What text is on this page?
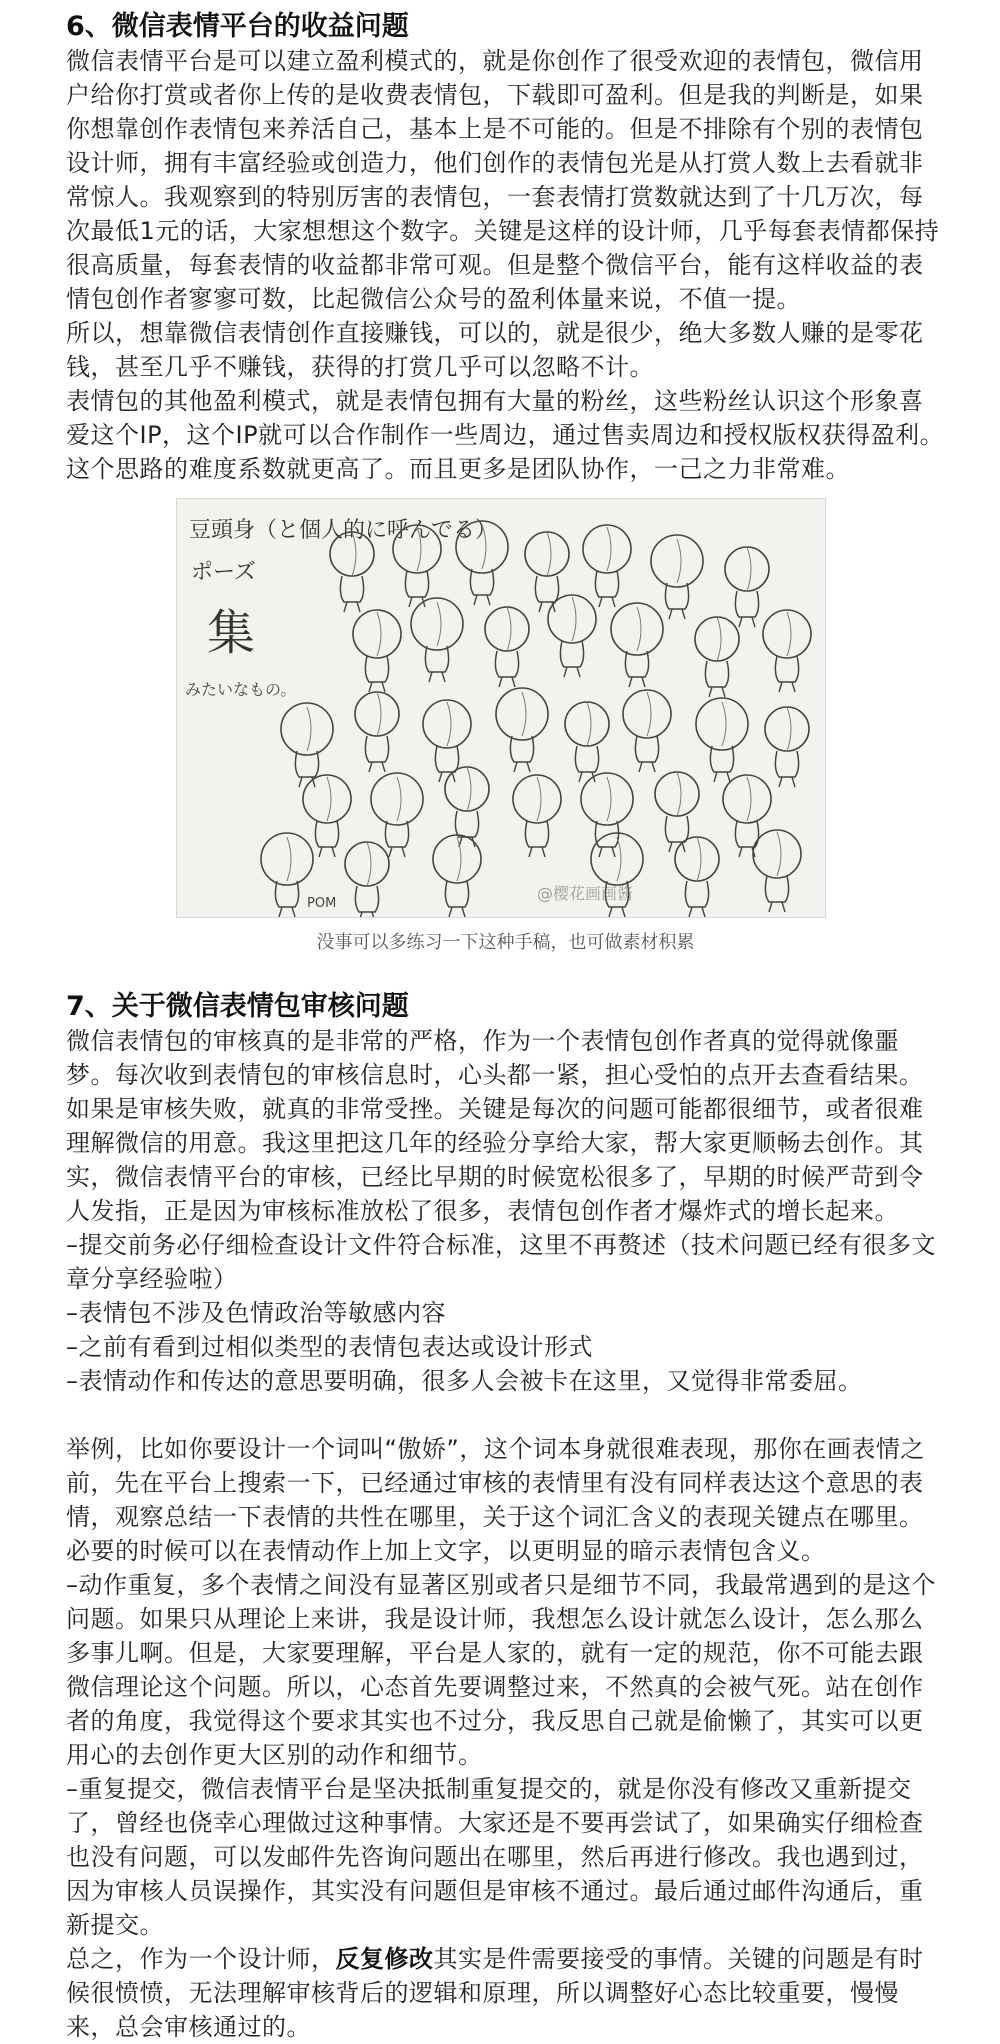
6、微信表情平台的收益问题

微信表情平台是可以建立盈利模式的，就是你创作了很受欢迎的表情包，微信用户给你打赏或者你上传的是收费表情包，下载即可盈利。但是我的判断是，如果你想靠创作表情包来养活自己，基本上是不可能的。但是不排除有个别的表情包设计师，拥有丰富经验或创造力，他们创作的表情包光是从打赏人数上去看就非常惊人。我观察到的特别厉害的表情包，一套表情打赏数就达到了十几万次，每次最低1元的话，大家想想这个数字。关键是这样的设计师，几乎每套表情都保持很高质量，每套表情的收益都非常可观。但是整个微信平台，能有这样收益的表情包创作者寥寥可数，比起微信公众号的盈利体量来说，不值一提。

所以，想靠微信表情创作直接赚钱，可以的，就是很少，绝大多数人赚的是零花钱，甚至几乎不赚钱，获得的打赏几乎可以忽略不计。

表情包的其他盈利模式，就是表情包拥有大量的粉丝，这些粉丝认识这个形象喜爱这个IP，这个IP就可以合作制作一些周边，通过售卖周边和授权版权获得盈利。这个思路的难度系数就更高了。而且更多是团队协作，一己之力非常难。

豆頭身（と個人的に呼んでる）
ポーズ
集
みたいなもの。
POM
@樱花画画酱
没事可以多练习一下这种手稿，也可做素材积累
7、关于微信表情包审核问题

微信表情包的审核真的是非常的严格，作为一个表情包创作者真的觉得就像噩梦。每次收到表情包的审核信息时，心头都一紧，担心受怕的点开去查看结果。如果是审核失败，就真的非常受挫。关键是每次的问题可能都很细节，或者很难理解微信的用意。我这里把这几年的经验分享给大家，帮大家更顺畅去创作。其实，微信表情平台的审核，已经比早期的时候宽松很多了，早期的时候严苛到令人发指，正是因为审核标准放松了很多，表情包创作者才爆炸式的增长起来。

–提交前务必仔细检查设计文件符合标准，这里不再赘述（技术问题已经有很多文章分享经验啦）

–表情包不涉及色情政治等敏感内容

–之前有看到过相似类型的表情包表达或设计形式

–表情动作和传达的意思要明确，很多人会被卡在这里，又觉得非常委屈。

举例，比如你要设计一个词叫“傲娇”，这个词本身就很难表现，那你在画表情之前，先在平台上搜索一下，已经通过审核的表情里有没有同样表达这个意思的表情，观察总结一下表情的共性在哪里，关于这个词汇含义的表现关键点在哪里。必要的时候可以在表情动作上加上文字，以更明显的暗示表情包含义。

–动作重复，多个表情之间没有显著区别或者只是细节不同，我最常遇到的是这个问题。如果只从理论上来讲，我是设计师，我想怎么设计就怎么设计，怎么那么多事儿啊。但是，大家要理解，平台是人家的，就有一定的规范，你不可能去跟微信理论这个问题。所以，心态首先要调整过来，不然真的会被气死。站在创作者的角度，我觉得这个要求其实也不过分，我反思自己就是偷懒了，其实可以更用心的去创作更大区别的动作和细节。

–重复提交，微信表情平台是坚决抵制重复提交的，就是你没有修改又重新提交了，曾经也侥幸心理做过这种事情。大家还是不要再尝试了，如果确实仔细检查也没有问题，可以发邮件先咨询问题出在哪里，然后再进行修改。我也遇到过，因为审核人员误操作，其实没有问题但是审核不通过。最后通过邮件沟通后，重新提交。

总之，作为一个设计师，反复修改其实是件需要接受的事情。关键的问题是有时候很愤愤，无法理解审核背后的逻辑和原理，所以调整好心态比较重要，慢慢来，总会审核通过的。
